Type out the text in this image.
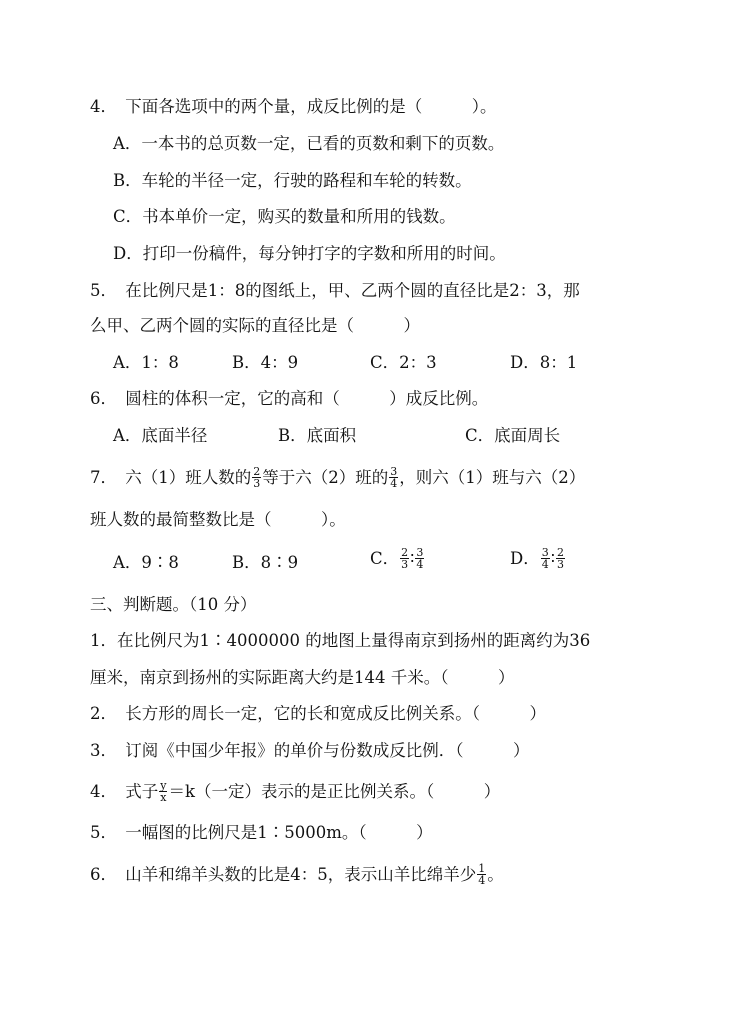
4．　下面各选项中的两个量，成反比例的是（　　　）。
A．一本书的总页数一定，已看的页数和剩下的页数。
B．车轮的半径一定，行驶的路程和车轮的转数。
C．书本单价一定，购买的数量和所用的钱数。
D．打印一份稿件，每分钟打字的字数和所用的时间。
5．　在比例尺是1：8的图纸上，甲、乙两个圆的直径比是2：3，那
么甲、乙两个圆的实际的直径比是（　　　）
A．1：8	B．4：9	C．2：3	D．8：1
6．　圆柱的体积一定，它的高和（　　　）成反比例。
A．底面半径	B．底面积	C．底面周长
7．　六（1）班人数的 $\frac{2}{3}$ 等于六（2）班的 $\frac{3}{4}$ ，则六（1）班与六（2）
班人数的最简整数比是（　　　）。
A．9∶8	B．8∶9	C． $\frac{2}{3}$ ∶ $\frac{3}{4}$	D． $\frac{3}{4}$ ∶ $\frac{2}{3}$
三、判断题。（10 分）
1．在比例尺为1∶4000000 的地图上量得南京到扬州的距离约为36
厘米，南京到扬州的实际距离大约是144 千米。（　　　）
2．　长方形的周长一定，它的长和宽成反比例关系。（　　　）
3．　订阅《中国少年报》的单价与份数成反比例．（　　　）
4．　式子 $\frac{y}{x} =k$（一定）表示的是正比例关系。（　　　）
5．　一幅图的比例尺是1∶5000m。（　　　）
6．　山羊和绵羊头数的比是4：5，表示山羊比绵羊少 $\frac{1}{4}$ 。
